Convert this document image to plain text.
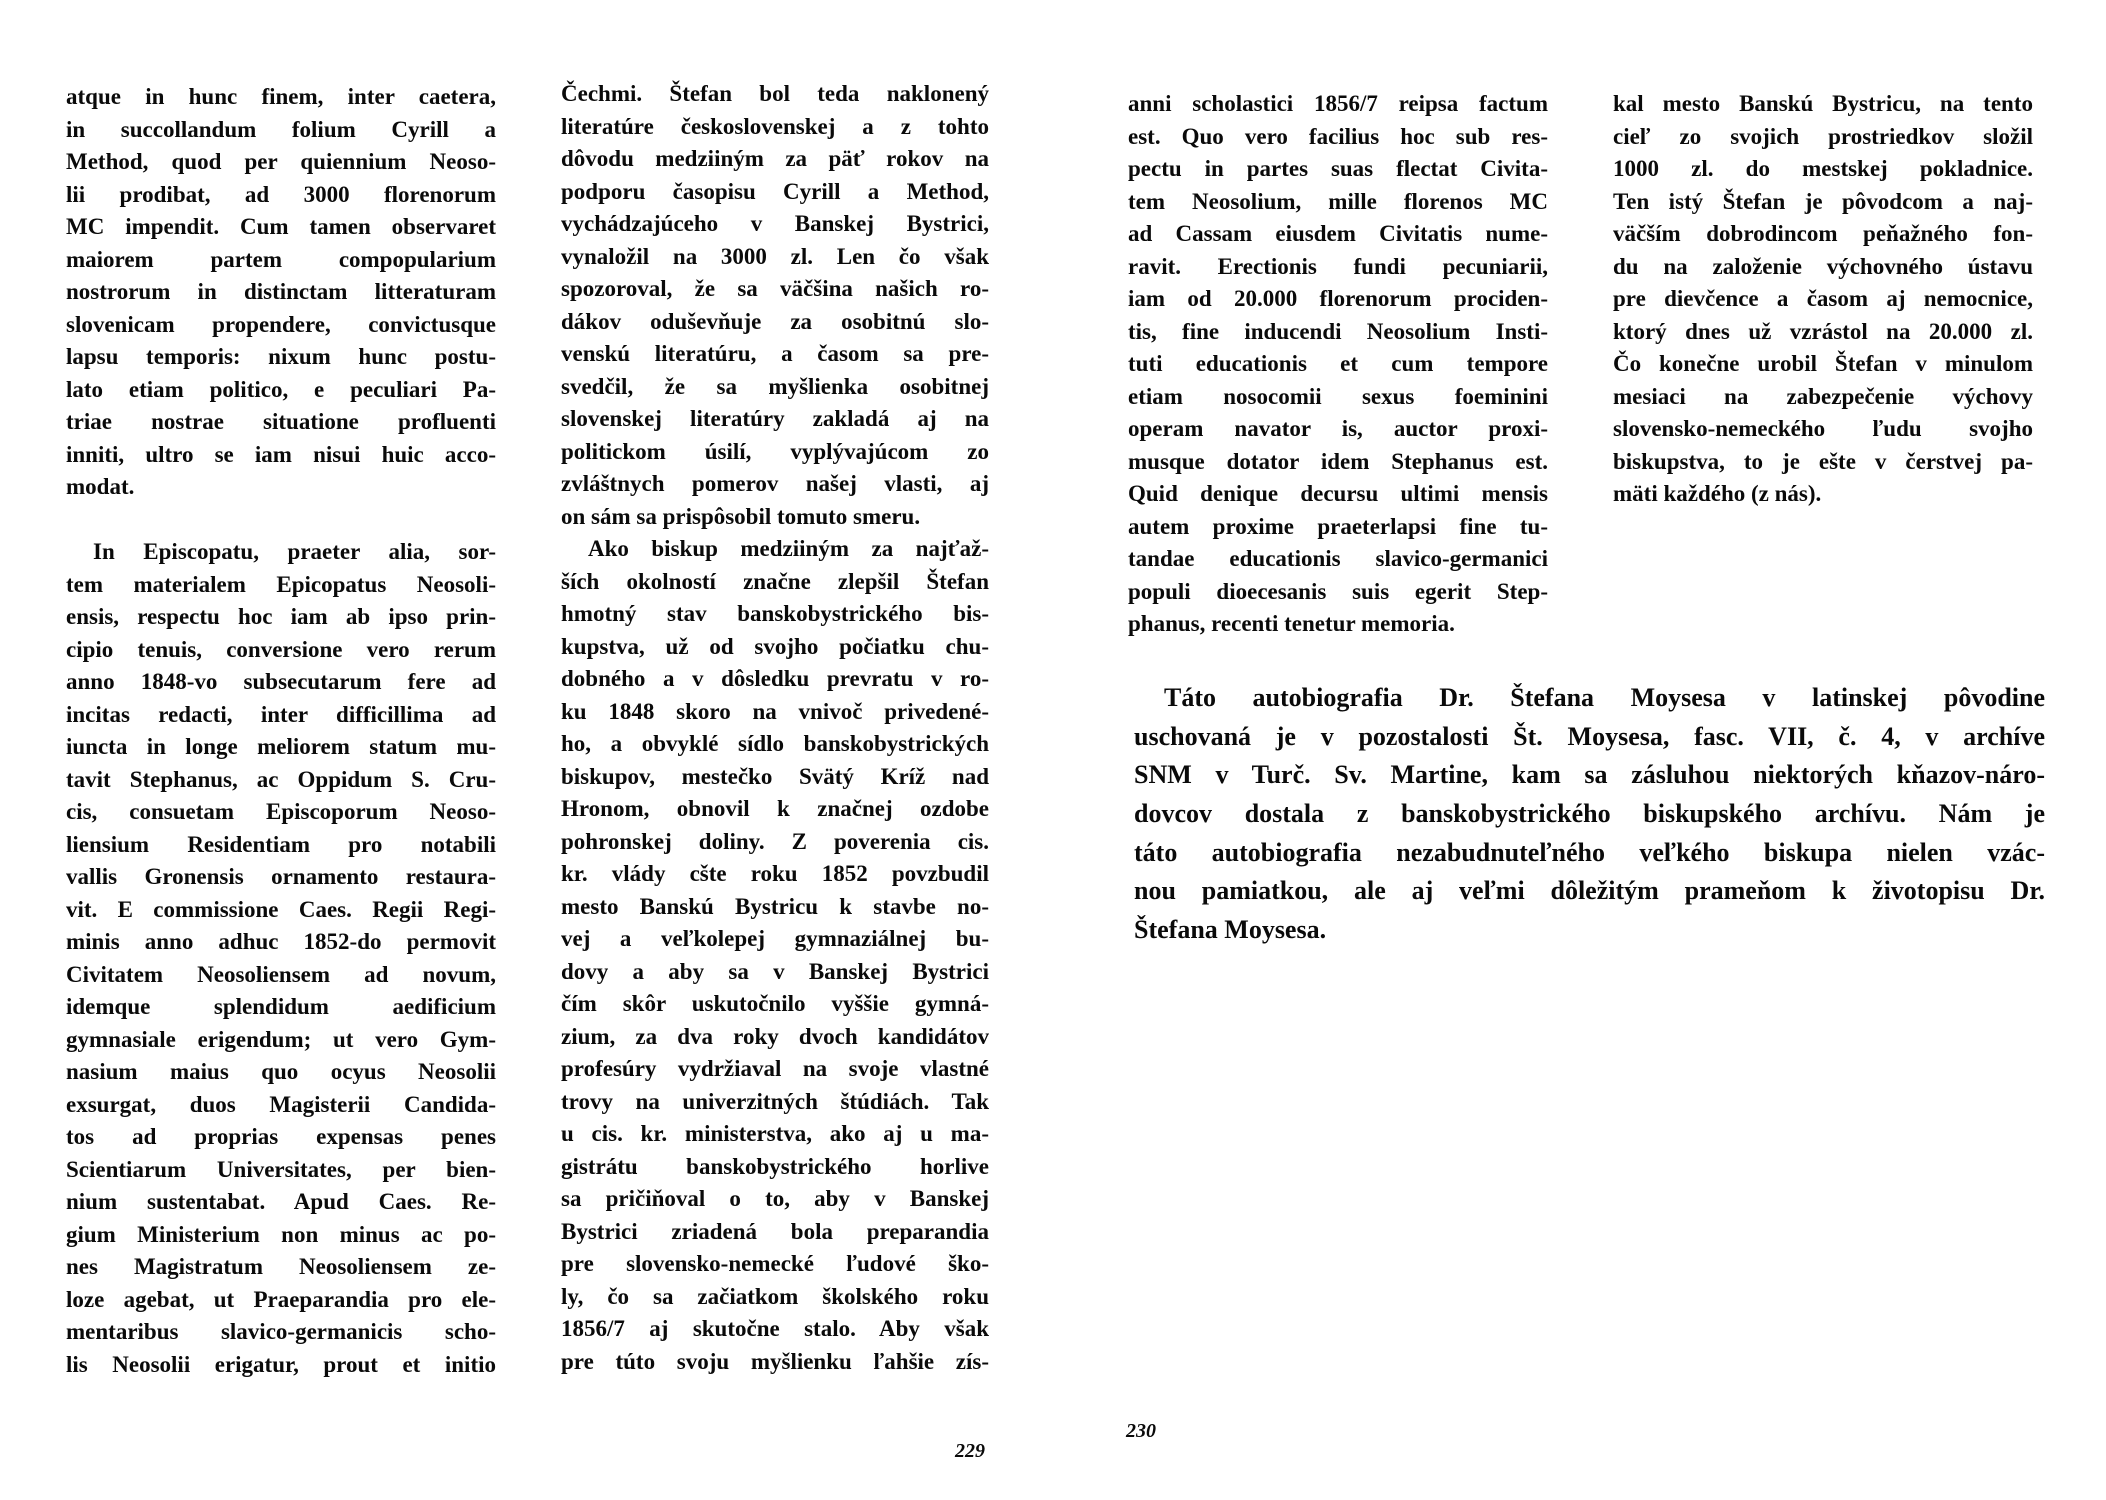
atque in hunc finem, inter caetera,
in succollandum folium Cyrill a
Method, quod per quiennium Neoso-
lii prodibat, ad 3000 florenorum
MC impendit. Cum tamen observaret
maiorem partem compopularium
nostrorum in distinctam litteraturam
slovenicam propendere, convictusque
lapsu temporis: nixum hunc postu-
lato etiam politico, e peculiari Pa-
triae nostrae situatione profluenti
inniti, ultro se iam nisui huic acco-
modat.
In Episcopatu, praeter alia, sor-
tem materialem Epicopatus Neosoli-
ensis, respectu hoc iam ab ipso prin-
cipio tenuis, conversione vero rerum
anno 1848-vo subsecutarum fere ad
incitas redacti, inter difficillima ad
iuncta in longe meliorem statum mu-
tavit Stephanus, ac Oppidum S. Cru-
cis, consuetam Episcoporum Neoso-
liensium Residentiam pro notabili
vallis Gronensis ornamento restaura-
vit. E commissione Caes. Regii Regi-
minis anno adhuc 1852-do permovit
Civitatem Neosoliensem ad novum,
idemque splendidum aedificium
gymnasiale erigendum; ut vero Gym-
nasium maius quo ocyus Neosolii
exsurgat, duos Magisterii Candida-
tos ad proprias expensas penes
Scientiarum Universitates, per bien-
nium sustentabat. Apud Caes. Re-
gium Ministerium non minus ac po-
nes Magistratum Neosoliensem ze-
loze agebat, ut Praeparandia pro ele-
mentaribus slavico-germanicis scho-
lis Neosolii erigatur, prout et initio
Čechmi. Štefan bol teda naklonený
literatúre československej a z tohto
dôvodu medziiným za päť rokov na
podporu časopisu Cyrill a Method,
vychádzajúceho v Banskej Bystrici,
vynaložil na 3000 zl. Len čo však
spozoroval, že sa väčšina našich ro-
dákov oduševňuje za osobitnú slo-
venskú literatúru, a časom sa pre-
svedčil, že sa myšlienka osobitnej
slovenskej literatúry zakladá aj na
politickom úsilí, vyplývajúcom zo
zvláštnych pomerov našej vlasti, aj
on sám sa prispôsobil tomuto smeru.
Ako biskup medziiným za najťaž-
ších okolností značne zlepšil Štefan
hmotný stav banskobystrického bis-
kupstva, už od svojho počiatku chu-
dobného a v dôsledku prevratu v ro-
ku 1848 skoro na vnivoč privedené-
ho, a obvyklé sídlo banskobystrických
biskupov, mestečko Svätý Kríž nad
Hronom, obnovil k značnej ozdobe
pohronskej doliny. Z poverenia cis.
kr. vlády cšte roku 1852 povzbudil
mesto Banskú Bystricu k stavbe no-
vej a veľkolepej gymnaziálnej bu-
dovy a aby sa v Banskej Bystrici
čím skôr uskutočnilo vyššie gymná-
zium, za dva roky dvoch kandidátov
profesúry vydržiaval na svoje vlastné
trovy na univerzitných štúdiách. Tak
u cis. kr. ministerstva, ako aj u ma-
gistrátu banskobystrického horlive
sa pričiňoval o to, aby v Banskej
Bystrici zriadená bola preparandia
pre slovensko-nemecké ľudové ško-
ly, čo sa začiatkom školského roku
1856/7 aj skutočne stalo. Aby však
pre túto svoju myšlienku ľahšie zís-
anni scholastici 1856/7 reipsa factum
est. Quo vero facilius hoc sub res-
pectu in partes suas flectat Civita-
tem Neosolium, mille florenos MC
ad Cassam eiusdem Civitatis nume-
ravit. Erectionis fundi pecuniarii,
iam od 20.000 florenorum prociden-
tis, fine inducendi Neosolium Insti-
tuti educationis et cum tempore
etiam nosocomii sexus foeminini
operam navator is, auctor proxi-
musque dotator idem Stephanus est.
Quid denique decursu ultimi mensis
autem proxime praeterlapsi fine tu-
tandae educationis slavico-germanici
populi dioecesanis suis egerit Step-
phanus, recenti tenetur memoria.
kal mesto Banskú Bystricu, na tento
cieľ zo svojich prostriedkov složil
1000 zl. do mestskej pokladnice.
Ten istý Štefan je pôvodcom a naj-
väčším dobrodincom peňažného fon-
du na založenie výchovného ústavu
pre dievčence a časom aj nemocnice,
ktorý dnes už vzrástol na 20.000 zl.
Čo konečne urobil Štefan v minulom
mesiaci na zabezpečenie výchovy
slovensko-nemeckého ľudu svojho
biskupstva, to je ešte v čerstvej pa-
mäti každého (z nás).
Táto autobiografia Dr. Štefana Moysesa v latinskej pôvodine
uschovaná je v pozostalosti Št. Moysesa, fasc. VII, č. 4, v archíve
SNM v Turč. Sv. Martine, kam sa zásluhou niektorých kňazov-náro-
dovcov dostala z banskobystrického biskupského archívu. Nám je
táto autobiografia nezabudnuteľného veľkého biskupa nielen vzác-
nou pamiatkou, ale aj veľmi dôležitým prameňom k životopisu Dr.
Štefana Moysesa.
229
230
